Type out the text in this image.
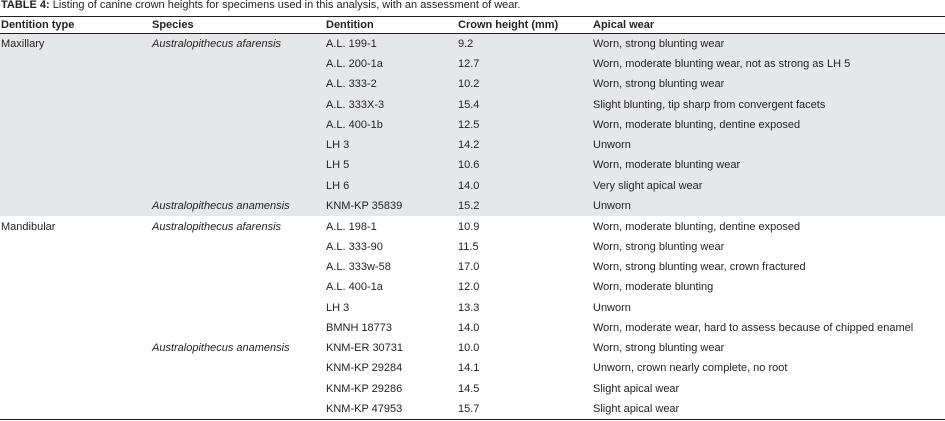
TABLE 4: Listing of canine crown heights for specimens used in this analysis, with an assessment of wear.
Dentition type	Species	Dentition	Crown height (mm)	Apical wear
Maxillary	Australopithecus afarensis	A.L. 199-1	9.2	Worn, strong blunting wear
		A.L. 200-1a	12.7	Worn, moderate blunting wear, not as strong as LH 5
		A.L. 333-2	10.2	Worn, strong blunting wear
		A.L. 333X-3	15.4	Slight blunting, tip sharp from convergent facets
		A.L. 400-1b	12.5	Worn, moderate blunting, dentine exposed
		LH 3	14.2	Unworn
		LH 5	10.6	Worn, moderate blunting wear
		LH 6	14.0	Very slight apical wear
	Australopithecus anamensis	KNM-KP 35839	15.2	Unworn
Mandibular	Australopithecus afarensis	A.L. 198-1	10.9	Worn, moderate blunting, dentine exposed
		A.L. 333-90	11.5	Worn, strong blunting wear
		A.L. 333w-58	17.0	Worn, strong blunting wear, crown fractured
		A.L. 400-1a	12.0	Worn, moderate blunting
		LH 3	13.3	Unworn
		BMNH 18773	14.0	Worn, moderate wear, hard to assess because of chipped enamel
	Australopithecus anamensis	KNM-ER 30731	10.0	Worn, strong blunting wear
		KNM-KP 29284	14.1	Unworn, crown nearly complete, no root
		KNM-KP 29286	14.5	Slight apical wear
		KNM-KP 47953	15.7	Slight apical wear
